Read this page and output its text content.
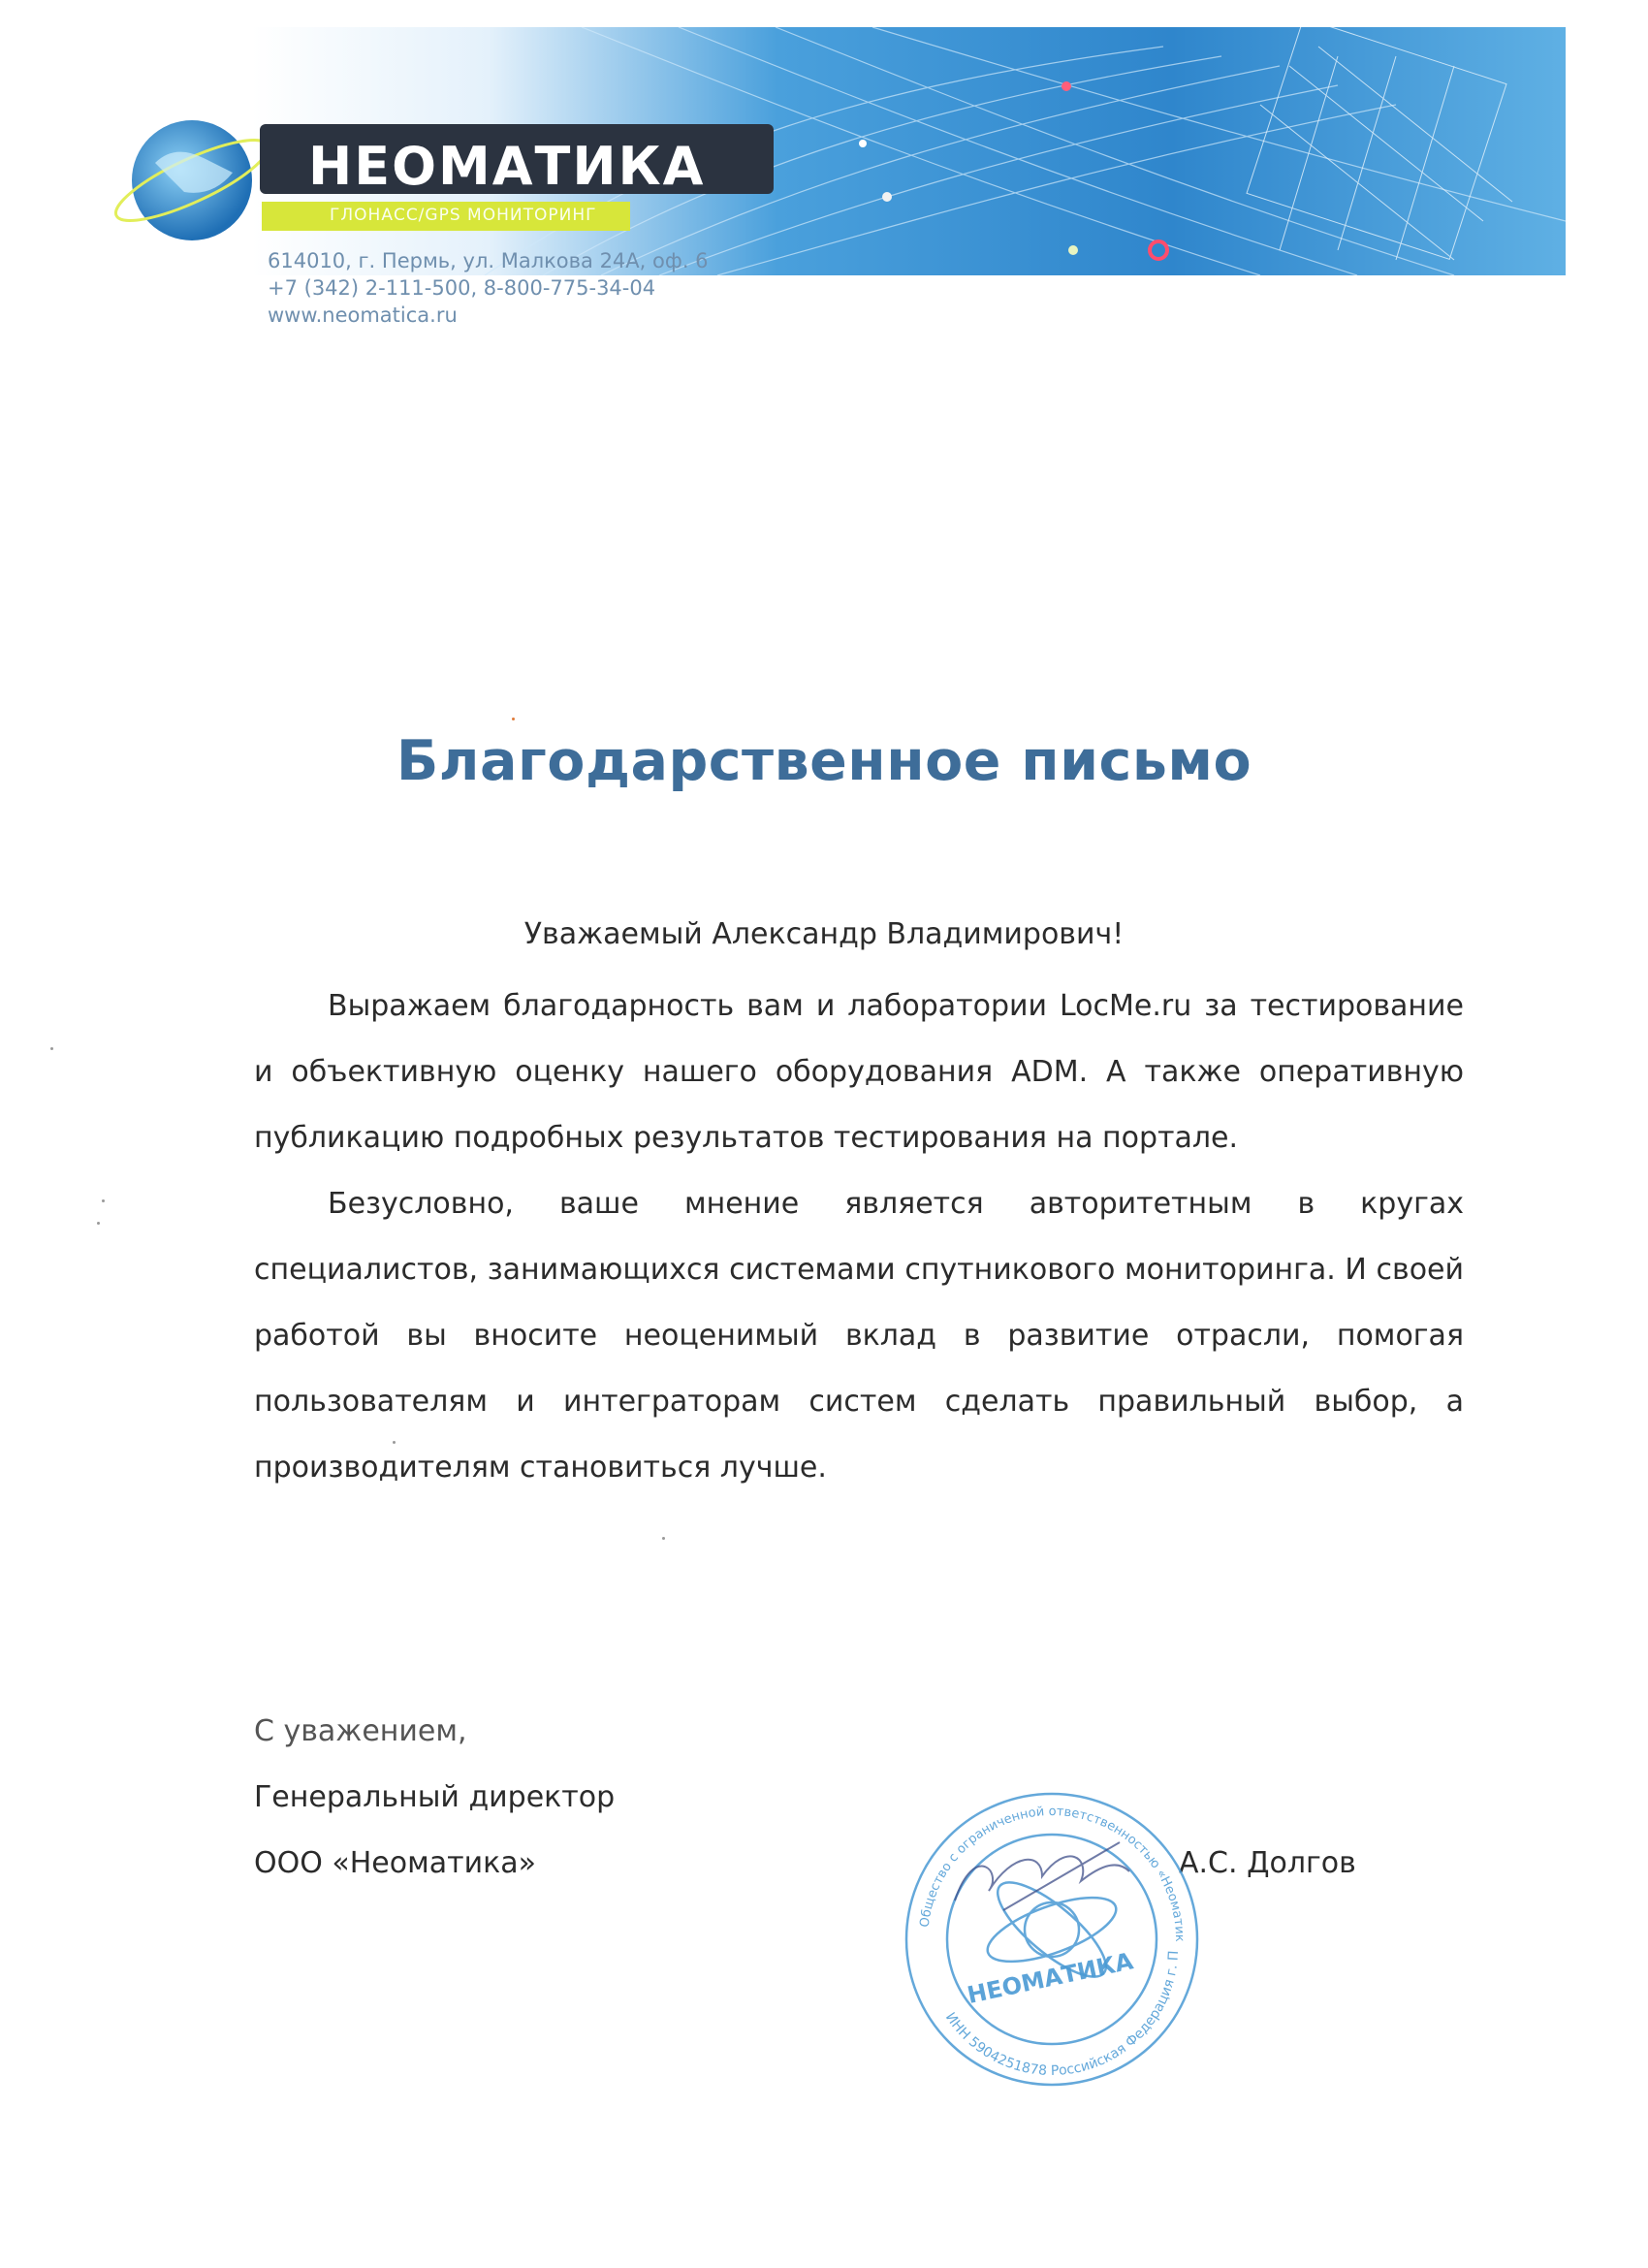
НЕОМАТИКА
ГЛОНАСС/GPS МОНИТОРИНГ
614010, г. Пермь, ул. Малкова 24А, оф. 6
+7 (342) 2-111-500, 8-800-775-34-04
www.neomatica.ru
Благодарственное письмо
Уважаемый Александр Владимирович!
Выражаем благодарность вам и лаборатории LocMe.ru за тестирование и объективную оценку нашего оборудования ADM. А также оперативную публикацию подробных результатов тестирования на портале.
Безусловно, ваше мнение является авторитетным в кругах специалистов, занимающихся системами спутникового мониторинга. И своей работой вы вносите неоценимый вклад в развитие отрасли, помогая пользователям и интеграторам систем сделать правильный выбор, а производителям становиться лучше.
С уважением,
Генеральный директор
ООО «Неоматика»	А.С. Долгов
НЕОМАТИКА
Общество с ограниченной ответственностью «Неоматик
ИНН 5904251878 Российская Федерация г. П
